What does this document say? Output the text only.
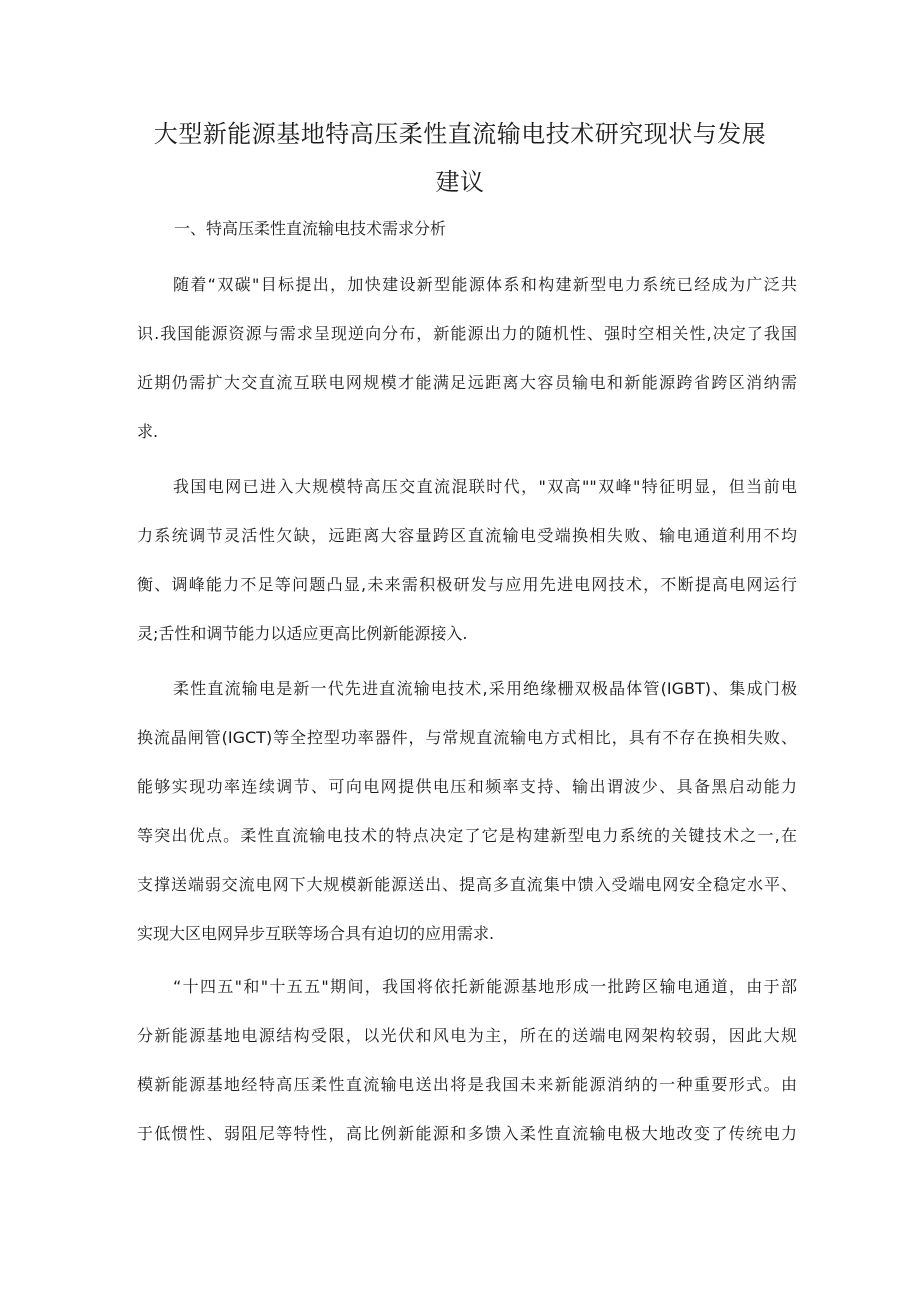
大型新能源基地特高压柔性直流输电技术研究现状与发展
建议
一、特高压柔性直流输电技术需求分析
随着“双碳"目标提出，加快建设新型能源体系和构建新型电力系统已经成为广泛共
识.我国能源资源与需求呈现逆向分布，新能源出力的随机性、强时空相关性,决定了我国
近期仍需扩大交直流互联电网规模才能满足远距离大容员输电和新能源跨省跨区消纳需
求.
我国电网已进入大规模特高压交直流混联时代，"双高""双峰"特征明显，但当前电
力系统调节灵活性欠缺，远距离大容量跨区直流输电受端换相失败、输电通道利用不均
衡、调峰能力不足等问题凸显,未来需积极研发与应用先进电网技术，不断提高电网运行
灵;舌性和调节能力以适应更高比例新能源接入.
柔性直流输电是新一代先进直流输电技术,采用绝缘栅双极晶体管(IGBT)、集成门极
换流晶闸管(IGCT)等全控型功率器件，与常规直流输电方式相比，具有不存在换相失败、
能够实现功率连续调节、可向电网提供电压和频率支持、输出谓波少、具备黑启动能力
等突出优点。柔性直流输电技术的特点决定了它是构建新型电力系统的关键技术之一,在
支撑送端弱交流电网下大规模新能源送出、提高多直流集中馈入受端电网安全稳定水平、
实现大区电网异步互联等场合具有迫切的应用需求.
“十四五"和"十五五"期间，我国将依托新能源基地形成一批跨区输电通道，由于部
分新能源基地电源结构受限，以光伏和风电为主，所在的送端电网架构较弱，因此大规
模新能源基地经特高压柔性直流输电送出将是我国未来新能源消纳的一种重要形式。由
于低惯性、弱阻尼等特性，高比例新能源和多馈入柔性直流输电极大地改变了传统电力
